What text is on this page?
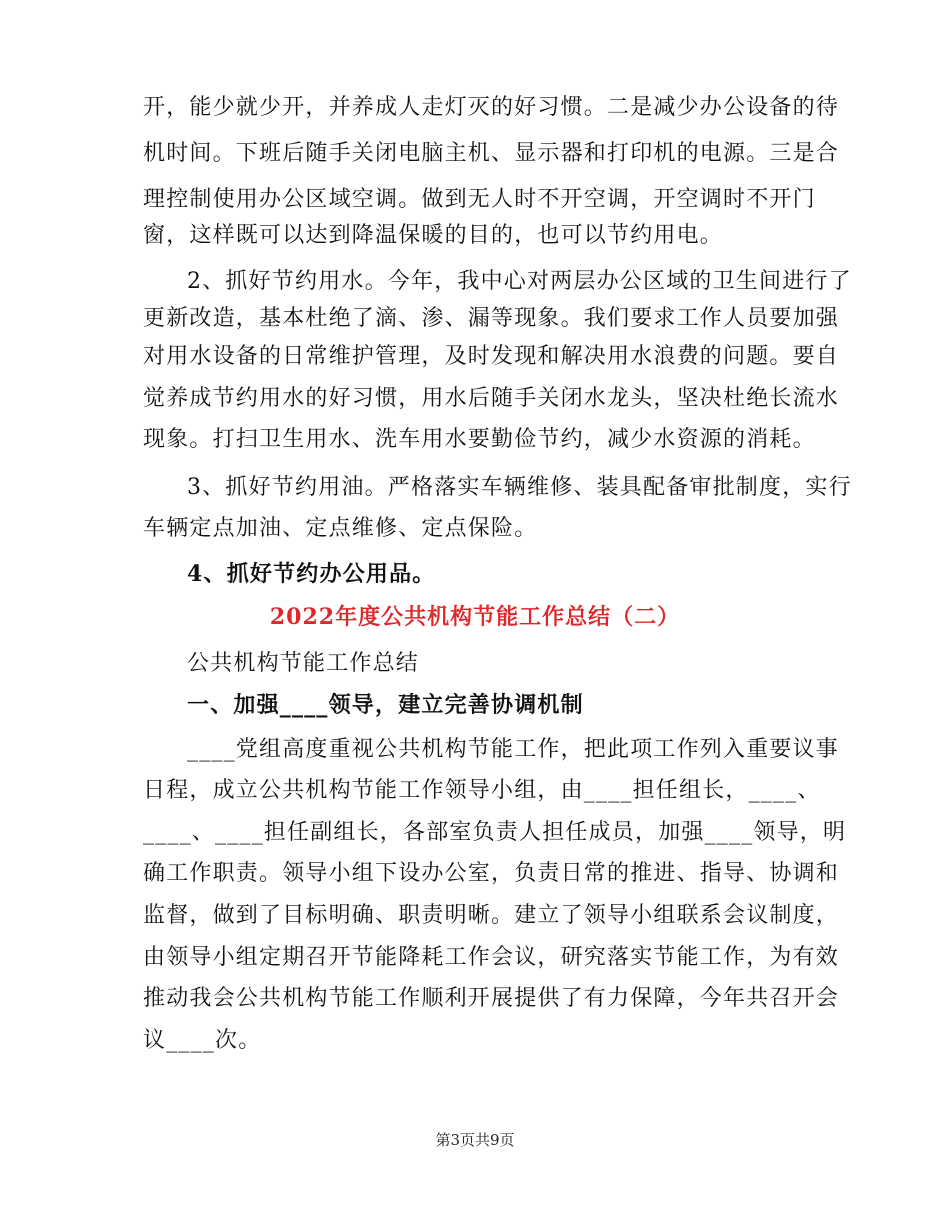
开，能少就少开，并养成人走灯灭的好习惯。二是减少办公设备的待
机时间。下班后随手关闭电脑主机、显示器和打印机的电源。三是合
理控制使用办公区域空调。做到无人时不开空调，开空调时不开门
窗，这样既可以达到降温保暖的目的，也可以节约用电。
2、抓好节约用水。今年，我中心对两层办公区域的卫生间进行了
更新改造，基本杜绝了滴、渗、漏等现象。我们要求工作人员要加强
对用水设备的日常维护管理，及时发现和解决用水浪费的问题。要自
觉养成节约用水的好习惯，用水后随手关闭水龙头，坚决杜绝长流水
现象。打扫卫生用水、洗车用水要勤俭节约，减少水资源的消耗。
3、抓好节约用油。严格落实车辆维修、装具配备审批制度，实行
车辆定点加油、定点维修、定点保险。
4、抓好节约办公用品。
2022年度公共机构节能工作总结（二）
公共机构节能工作总结
一、加强____领导，建立完善协调机制
____党组高度重视公共机构节能工作，把此项工作列入重要议事
日程，成立公共机构节能工作领导小组，由____担任组长，____、
____、____担任副组长，各部室负责人担任成员，加强____领导，明
确工作职责。领导小组下设办公室，负责日常的推进、指导、协调和
监督，做到了目标明确、职责明晰。建立了领导小组联系会议制度，
由领导小组定期召开节能降耗工作会议，研究落实节能工作，为有效
推动我会公共机构节能工作顺利开展提供了有力保障，今年共召开会
议____次。
第3页共9页
